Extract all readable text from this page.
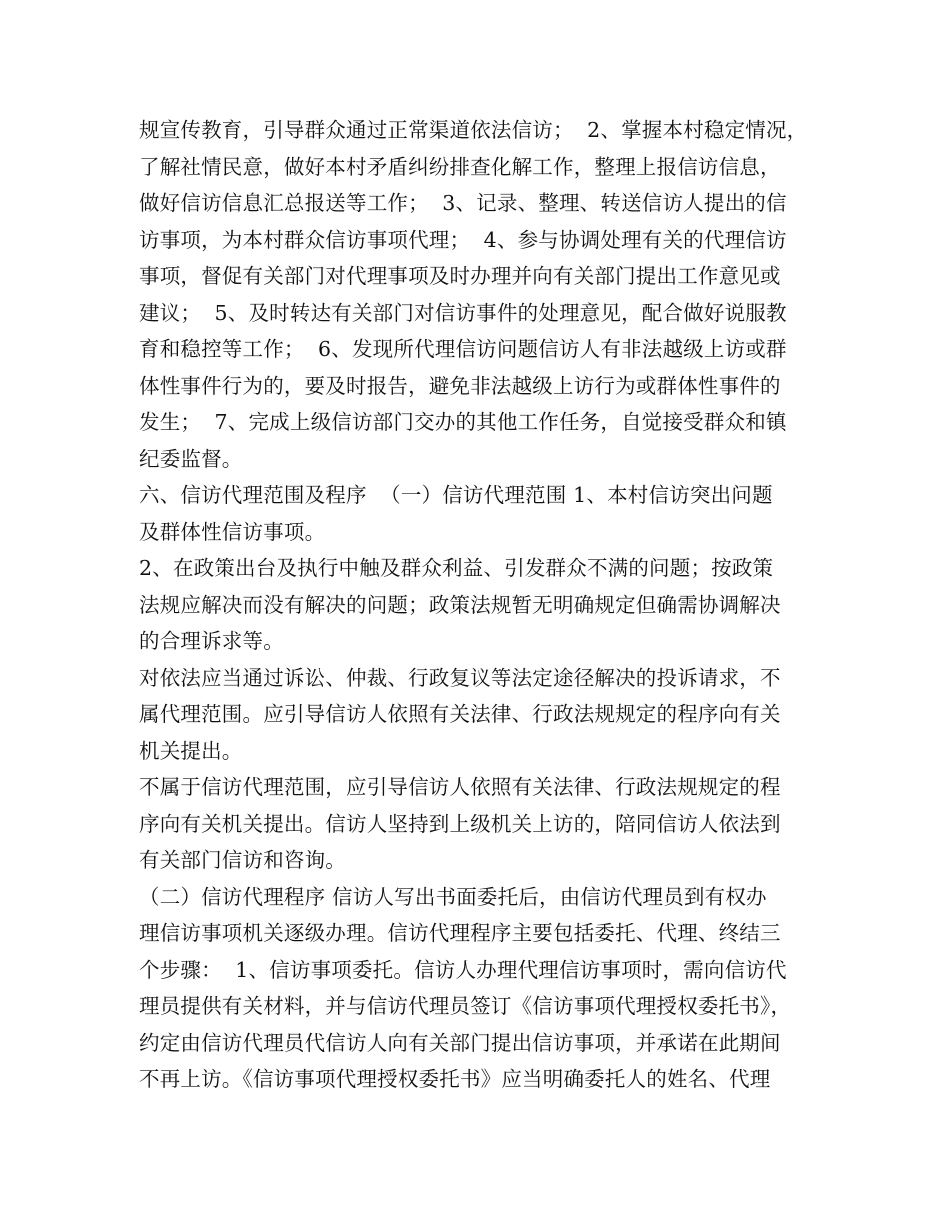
规宣传教育，引导群众通过正常渠道依法信访；  2、掌握本村稳定情况，
了解社情民意，做好本村矛盾纠纷排查化解工作，整理上报信访信息，
做好信访信息汇总报送等工作；  3、记录、整理、转送信访人提出的信
访事项，为本村群众信访事项代理；  4、参与协调处理有关的代理信访
事项，督促有关部门对代理事项及时办理并向有关部门提出工作意见或
建议；  5、及时转达有关部门对信访事件的处理意见，配合做好说服教
育和稳控等工作；  6、发现所代理信访问题信访人有非法越级上访或群
体性事件行为的，要及时报告，避免非法越级上访行为或群体性事件的
发生；  7、完成上级信访部门交办的其他工作任务，自觉接受群众和镇
纪委监督。
六、信访代理范围及程序  （一）信访代理范围 1、本村信访突出问题
及群体性信访事项。
2、在政策出台及执行中触及群众利益、引发群众不满的问题；按政策
法规应解决而没有解决的问题；政策法规暂无明确规定但确需协调解决
的合理诉求等。
对依法应当通过诉讼、仲裁、行政复议等法定途径解决的投诉请求，不
属代理范围。应引导信访人依照有关法律、行政法规规定的程序向有关
机关提出。
不属于信访代理范围，应引导信访人依照有关法律、行政法规规定的程
序向有关机关提出。信访人坚持到上级机关上访的，陪同信访人依法到
有关部门信访和咨询。
（二）信访代理程序 信访人写出书面委托后，由信访代理员到有权办
理信访事项机关逐级办理。信访代理程序主要包括委托、代理、终结三
个步骤：  1、信访事项委托。信访人办理代理信访事项时，需向信访代
理员提供有关材料，并与信访代理员签订《信访事项代理授权委托书》，
约定由信访代理员代信访人向有关部门提出信访事项，并承诺在此期间
不再上访。《信访事项代理授权委托书》应当明确委托人的姓名、代理
